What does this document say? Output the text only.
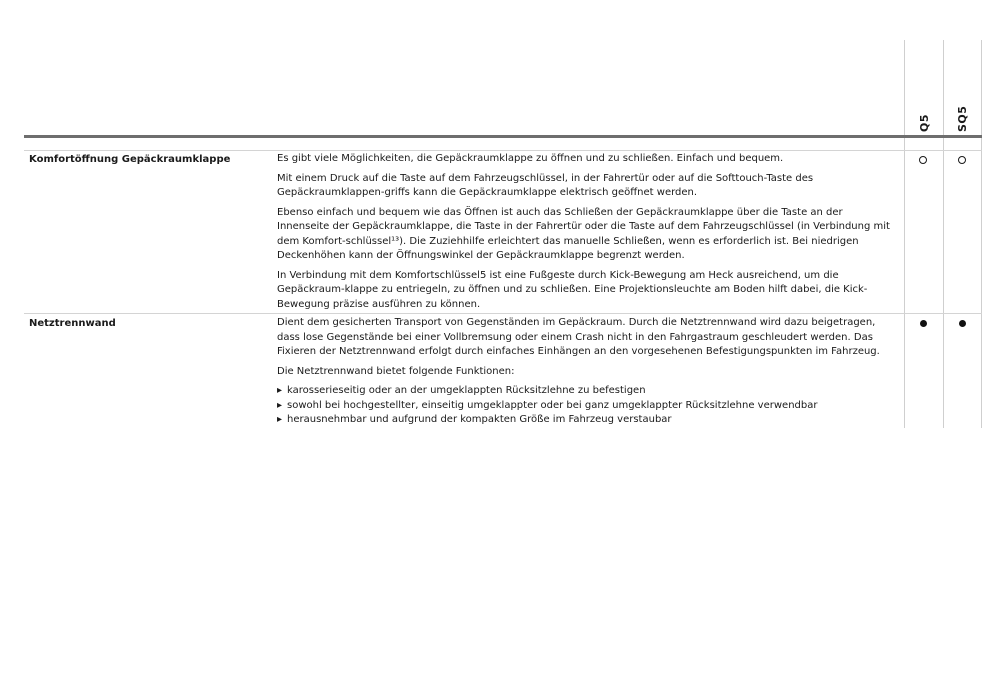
Q5 SQ5
Komfortöffnung Gepäckraumklappe	Es gibt viele Möglichkeiten, die Gepäckraumklappe zu öffnen und zu schließen. Einfach und bequem.

Mit einem Druck auf die Taste auf dem Fahrzeugschlüssel, in der Fahrertür oder auf die Softtouch-Taste des Gepäckraumklappen-griffs kann die Gepäckraumklappe elektrisch geöffnet werden.

Ebenso einfach und bequem wie das Öffnen ist auch das Schließen der Gepäckraumklappe über die Taste an der Innenseite der Gepäckraumklappe, die Taste in der Fahrertür oder die Taste auf dem Fahrzeugschlüssel (in Verbindung mit dem Komfort-schlüssel¹³). Die Zuziehhilfe erleichtert das manuelle Schließen, wenn es erforderlich ist. Bei niedrigen Deckenhöhen kann der Öffnungswinkel der Gepäckraumklappe begrenzt werden.

In Verbindung mit dem Komfortschlüssel5 ist eine Fußgeste durch Kick-Bewegung am Heck ausreichend, um die Gepäckraum-klappe zu entriegeln, zu öffnen und zu schließen. Eine Projektionsleuchte am Boden hilft dabei, die Kick-Bewegung präzise ausführen zu können.

Netztrennwand	Dient dem gesicherten Transport von Gegenständen im Gepäckraum. Durch die Netztrennwand wird dazu beigetragen, dass lose Gegenstände bei einer Vollbremsung oder einem Crash nicht in den Fahrgastraum geschleudert werden. Das Fixieren der Netztrennwand erfolgt durch einfaches Einhängen an den vorgesehenen Befestigungspunkten im Fahrzeug.

Die Netztrennwand bietet folgende Funktionen:

▸ karosserieseitig oder an der umgeklappten Rücksitzlehne zu befestigen
▸ sowohl bei hochgestellter, einseitig umgeklappter oder bei ganz umgeklappter Rücksitzlehne verwendbar
▸ herausnehmbar und aufgrund der kompakten Größe im Fahrzeug verstaubar
